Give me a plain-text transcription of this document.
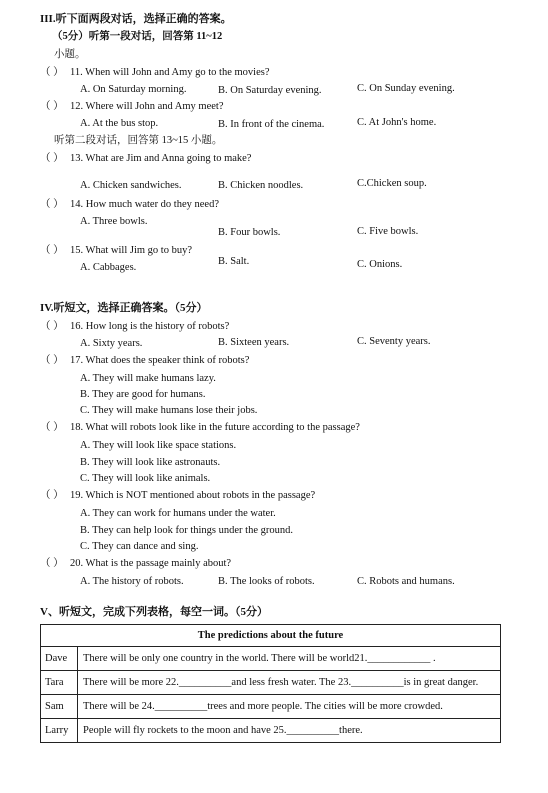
III.听下面两段对话，选择正确的答案。
（5分）听第一段对话，回答第 11~12
小题。
（ ） 11. When will John and Amy go to the movies?
A. On Saturday morning.	B. On Saturday evening.	C. On Sunday evening.
（ ） 12. Where will John and Amy meet?
A. At the bus stop.	B. In front of the cinema.	C. At John's home.
听第二段对话，回答第 13~15 小题。
（ ） 13. What are Jim and Anna going to make?
A. Chicken sandwiches.	B. Chicken noodles.	C.Chicken soup.
（ ） 14. How much water do they need?
A. Three bowls.
B. Four bowls.	C. Five bowls.
（ ） 15. What will Jim go to buy?
A. Cabbages.
B. Salt.	C. Onions.
IV.听短文，选择正确答案。（5分）
（ ） 16. How long is the history of robots?
A. Sixty years.	B. Sixteen years.	C. Seventy years.
（ ） 17. What does the speaker think of robots?
A. They will make humans lazy.
B. They are good for humans.
C. They will make humans lose their jobs.
（ ） 18. What will robots look like in the future according to the passage?
A. They will look like space stations.
B. They will look like astronauts.
C. They will look like animals.
（ ） 19. Which is NOT mentioned about robots in the passage?
A. They can work for humans under the water.
B. They can help look for things under the ground.
C. They can dance and sing.
（ ） 20. What is the passage mainly about?
A. The history of robots.	B. The looks of robots.	C. Robots and humans.
V、听短文，完成下列表格，每空一词。（5分）
The predictions about the future	
Dave	There will be only one country in the world. There will be world21.____________ .
Tara	There will be more 22.__________and less fresh water. The 23.__________is in great danger.
Sam	There will be 24.__________trees and more people. The cities will be more crowded.
Larry	People will fly rockets to the moon and have 25.__________there.
